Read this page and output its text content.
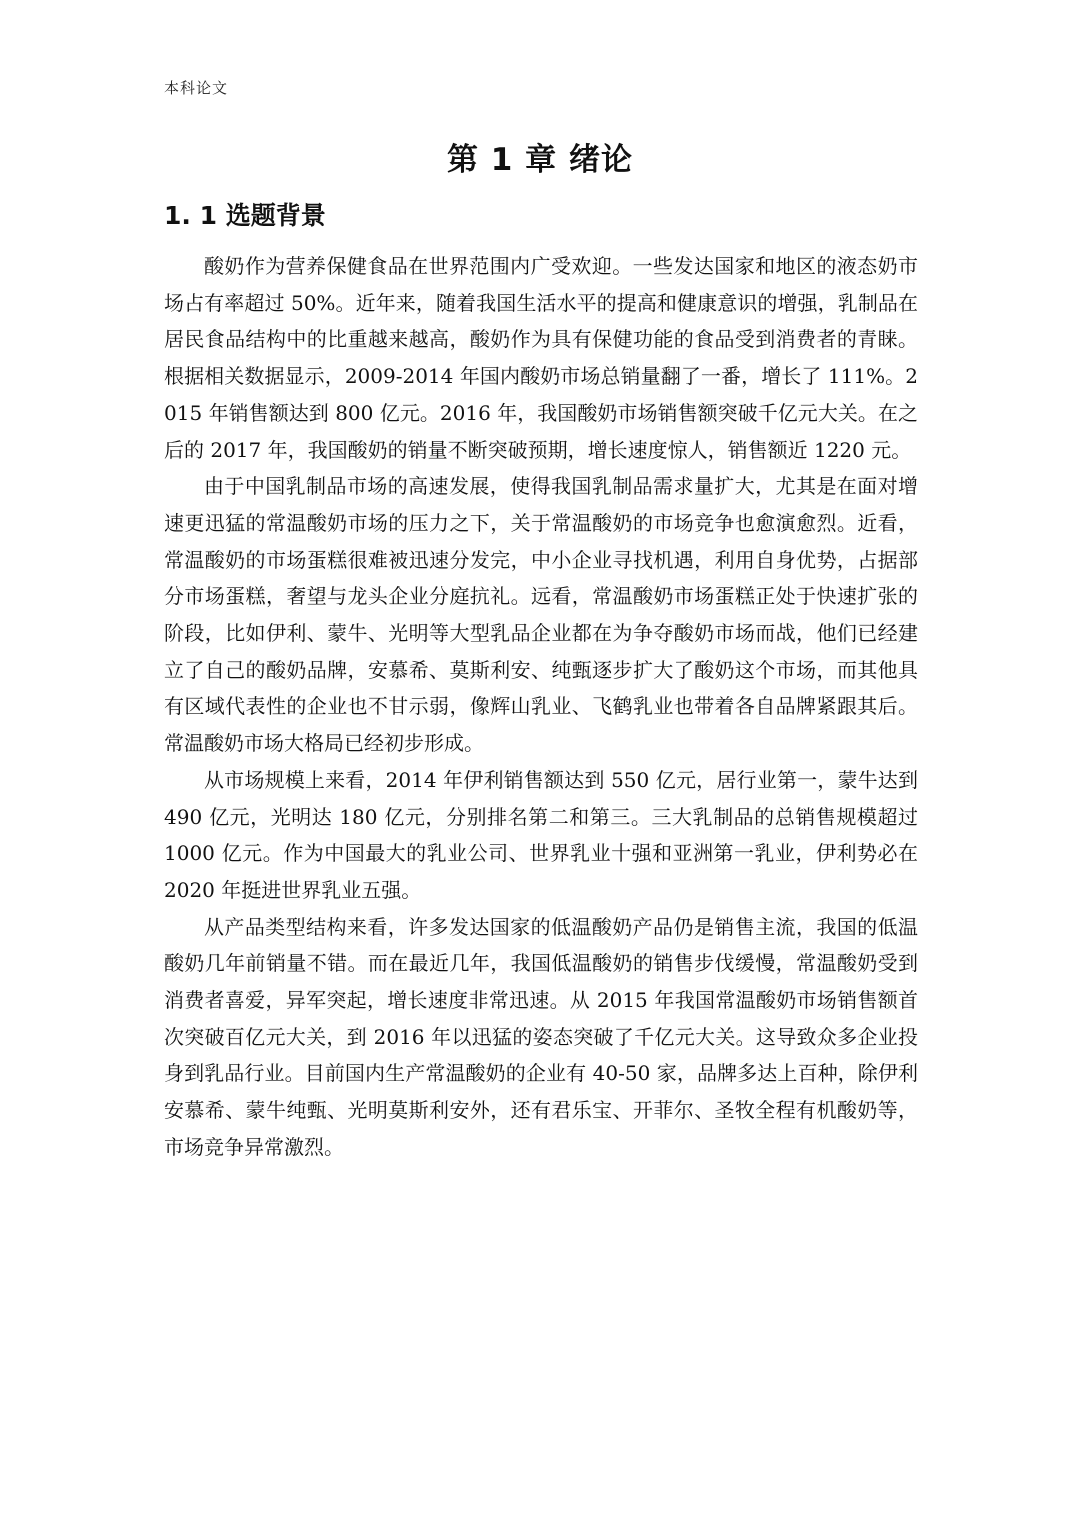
本科论文
第 1 章 绪论
1. 1 选题背景

酸奶作为营养保健食品在世界范围内广受欢迎。一些发达国家和地区的液态奶市场占有率超过 50%。近年来，随着我国生活水平的提高和健康意识的增强，乳制品在居民食品结构中的比重越来越高，酸奶作为具有保健功能的食品受到消费者的青睐。根据相关数据显示，2009-2014 年国内酸奶市场总销量翻了一番，增长了 111%。2015 年销售额达到 800 亿元。2016 年，我国酸奶市场销售额突破千亿元大关。在之后的 2017 年，我国酸奶的销量不断突破预期，增长速度惊人，销售额近 1220 元。

由于中国乳制品市场的高速发展，使得我国乳制品需求量扩大，尤其是在面对增速更迅猛的常温酸奶市场的压力之下，关于常温酸奶的市场竞争也愈演愈烈。近看，常温酸奶的市场蛋糕很难被迅速分发完，中小企业寻找机遇，利用自身优势，占据部分市场蛋糕，奢望与龙头企业分庭抗礼。远看，常温酸奶市场蛋糕正处于快速扩张的阶段，比如伊利、蒙牛、光明等大型乳品企业都在为争夺酸奶市场而战，他们已经建立了自己的酸奶品牌，安慕希、莫斯利安、纯甄逐步扩大了酸奶这个市场，而其他具有区域代表性的企业也不甘示弱，像辉山乳业、飞鹤乳业也带着各自品牌紧跟其后。常温酸奶市场大格局已经初步形成。

从市场规模上来看，2014 年伊利销售额达到 550 亿元，居行业第一，蒙牛达到 490 亿元，光明达 180 亿元，分别排名第二和第三。三大乳制品的总销售规模超过 1000 亿元。作为中国最大的乳业公司、世界乳业十强和亚洲第一乳业，伊利势必在 2020 年挺进世界乳业五强。

从产品类型结构来看，许多发达国家的低温酸奶产品仍是销售主流，我国的低温酸奶几年前销量不错。而在最近几年，我国低温酸奶的销售步伐缓慢，常温酸奶受到消费者喜爱，异军突起，增长速度非常迅速。从 2015 年我国常温酸奶市场销售额首次突破百亿元大关，到 2016 年以迅猛的姿态突破了千亿元大关。这导致众多企业投身到乳品行业。目前国内生产常温酸奶的企业有 40-50 家，品牌多达上百种，除伊利安慕希、蒙牛纯甄、光明莫斯利安外，还有君乐宝、开菲尔、圣牧全程有机酸奶等，市场竞争异常激烈。
